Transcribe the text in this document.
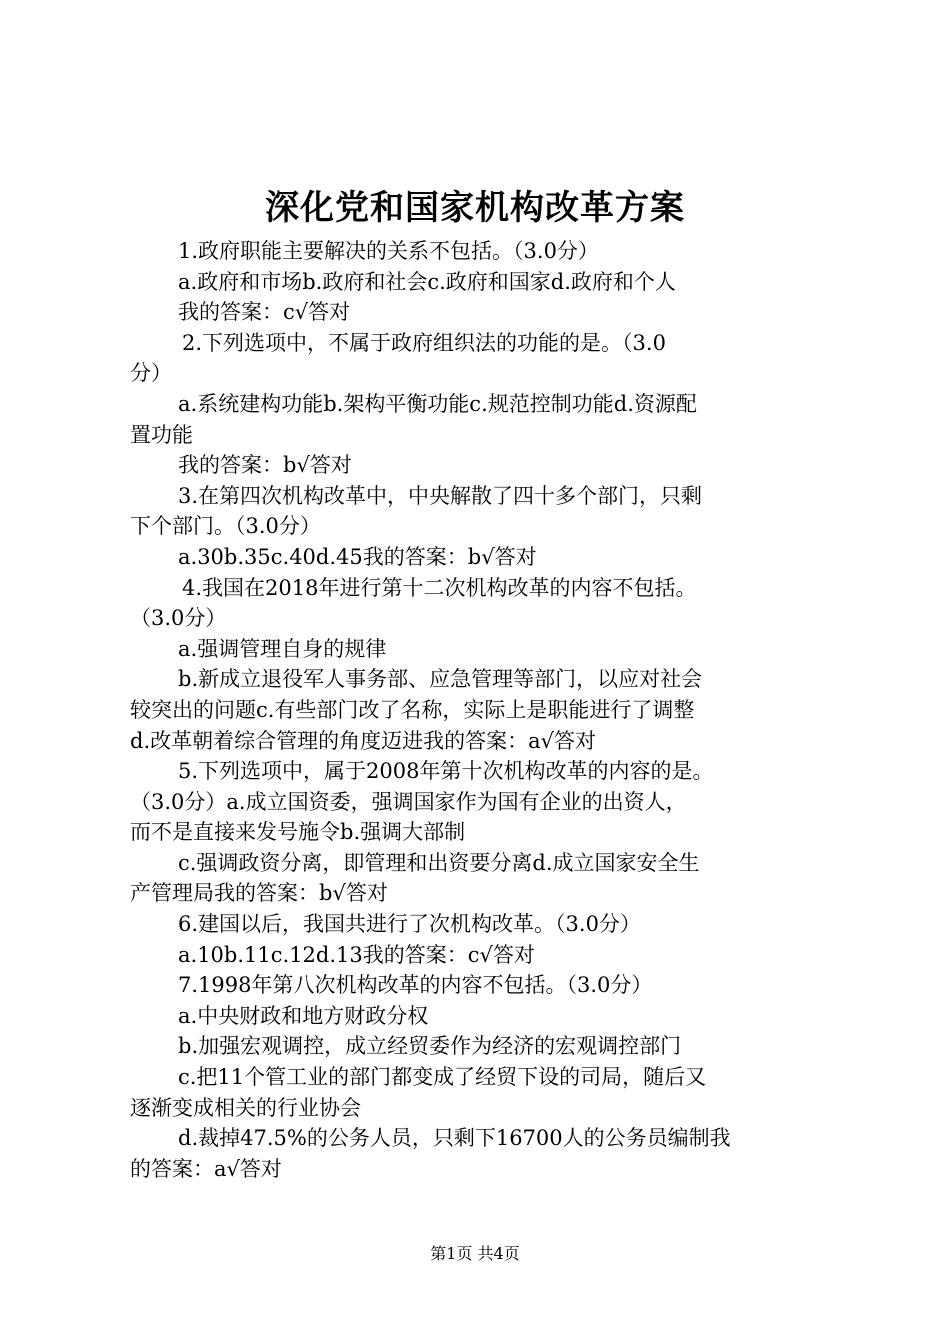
深化党和国家机构改革方案
1.政府职能主要解决的关系不包括。（3.0分）
a.政府和市场b.政府和社会c.政府和国家d.政府和个人
我的答案：c√答对
2.下列选项中，不属于政府组织法的功能的是。（3.0
分）
a.系统建构功能b.架构平衡功能c.规范控制功能d.资源配
置功能
我的答案：b√答对
3.在第四次机构改革中，中央解散了四十多个部门，只剩
下个部门。（3.0分）
a.30b.35c.40d.45我的答案：b√答对
4.我国在2018年进行第十二次机构改革的内容不包括。
（3.0分）
a.强调管理自身的规律
b.新成立退役军人事务部、应急管理等部门，以应对社会
较突出的问题c.有些部门改了名称，实际上是职能进行了调整
d.改革朝着综合管理的角度迈进我的答案：a√答对
5.下列选项中，属于2008年第十次机构改革的内容的是。
（3.0分）a.成立国资委，强调国家作为国有企业的出资人，
而不是直接来发号施令b.强调大部制
c.强调政资分离，即管理和出资要分离d.成立国家安全生
产管理局我的答案：b√答对
6.建国以后，我国共进行了次机构改革。（3.0分）
a.10b.11c.12d.13我的答案：c√答对
7.1998年第八次机构改革的内容不包括。（3.0分）
a.中央财政和地方财政分权
b.加强宏观调控，成立经贸委作为经济的宏观调控部门
c.把11个管工业的部门都变成了经贸下设的司局，随后又
逐渐变成相关的行业协会
d.裁掉47.5%的公务人员，只剩下16700人的公务员编制我
的答案：a√答对
第1页 共4页
